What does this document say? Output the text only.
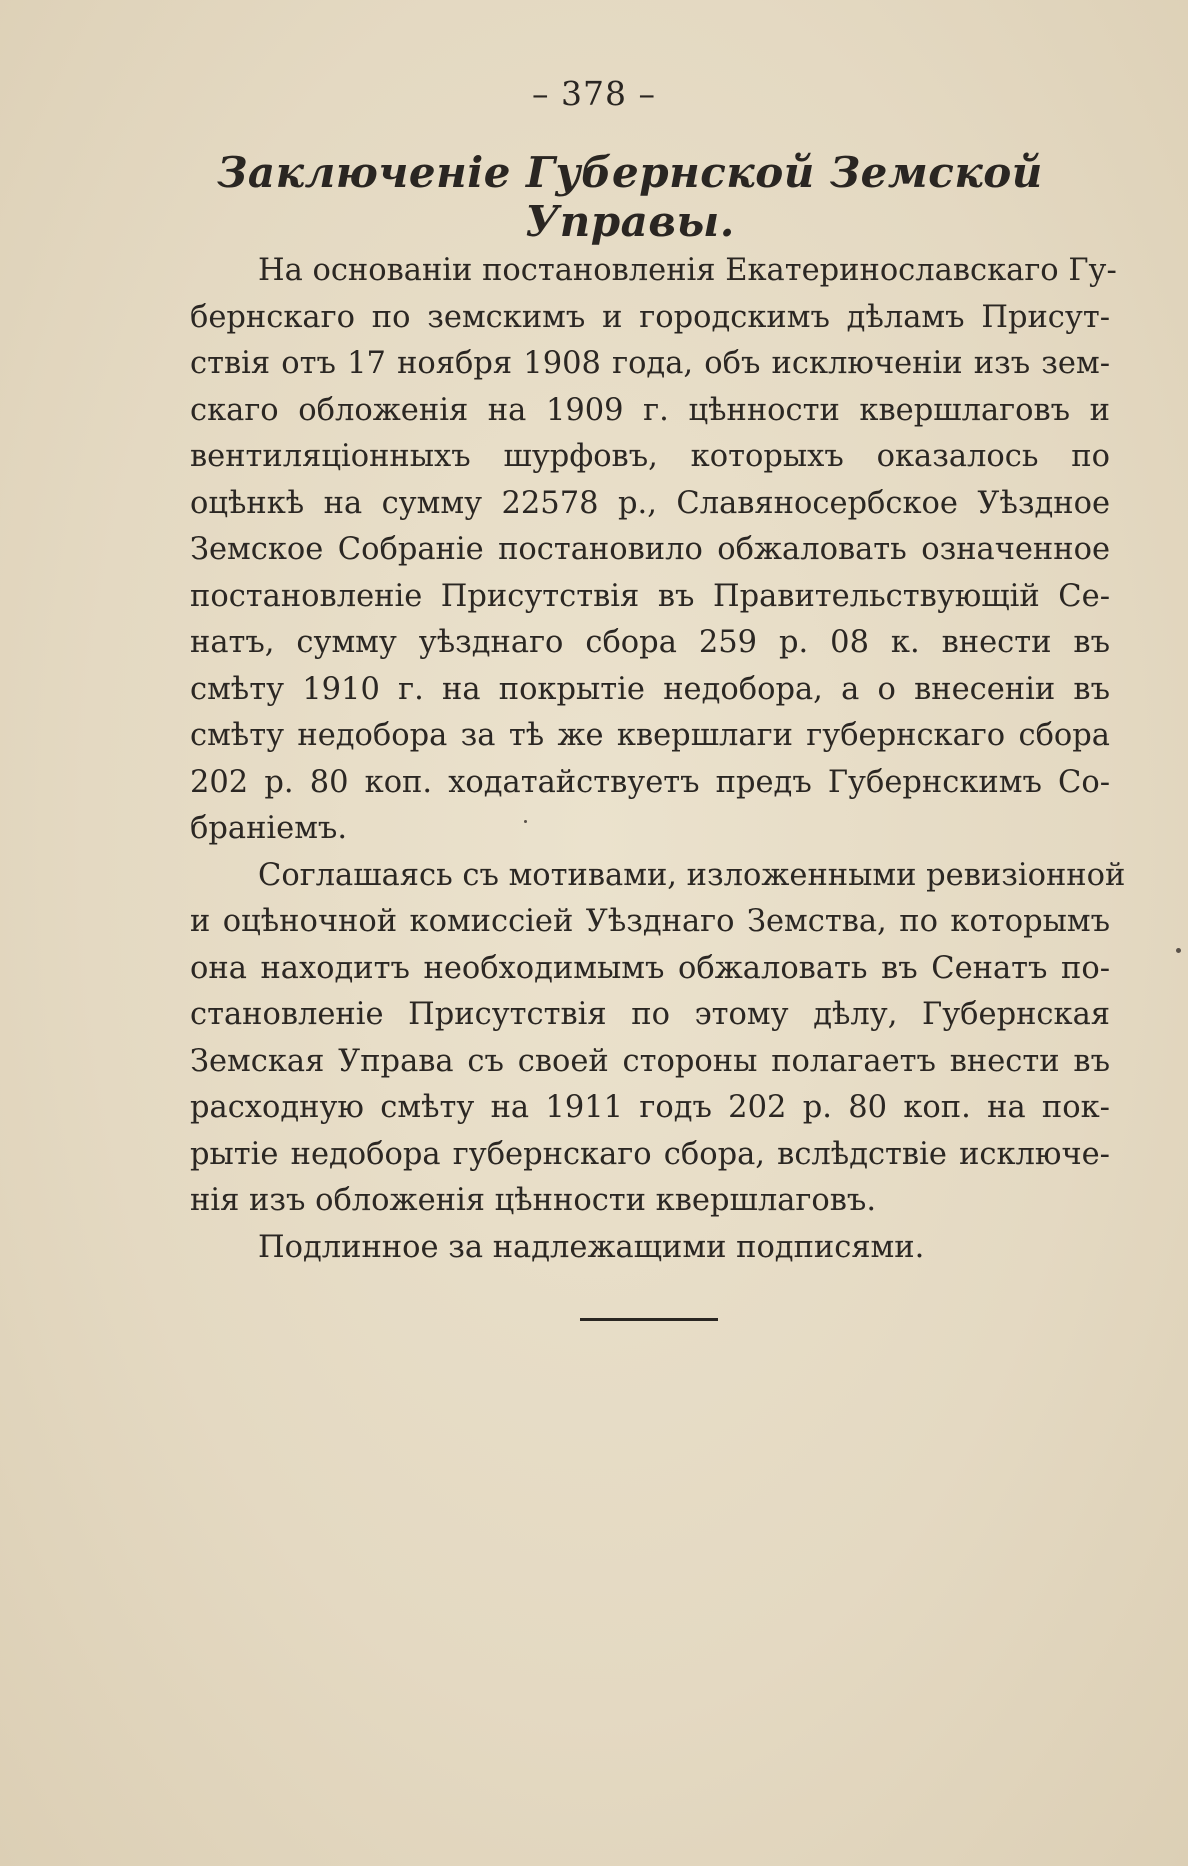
– 378 –
Заключеніе Губернской Земской Управы.
На основаніи постановленія Екатеринославскаго Гу-
бернскаго по земскимъ и городскимъ дѣламъ Присут-
ствія отъ 17 ноября 1908 года, объ исключеніи изъ зем-
скаго обложенія на 1909 г. цѣнности квершлаговъ и
вентиляціонныхъ шурфовъ, которыхъ оказалось по
оцѣнкѣ на сумму 22578 р., Славяносербское Уѣздное
Земское Собраніе постановило обжаловать означенное
постановленіе Присутствія въ Правительствующій Се-
натъ, сумму уѣзднаго сбора 259 р. 08 к. внести въ
смѣту 1910 г. на покрытіе недобора, а о внесеніи въ
смѣту недобора за тѣ же квершлаги губернскаго сбора
202 р. 80 коп. ходатайствуетъ предъ Губернскимъ Со-
браніемъ.
Соглашаясь съ мотивами, изложенными ревизіонной
и оцѣночной комиссіей Уѣзднаго Земства, по которымъ
она находитъ необходимымъ обжаловать въ Сенатъ по-
становленіе Присутствія по этому дѣлу, Губернская
Земская Управа съ своей стороны полагаетъ внести въ
расходную смѣту на 1911 годъ 202 р. 80 коп. на пок-
рытіе недобора губернскаго сбора, вслѣдствіе исключе-
нія изъ обложенія цѣнности квершлаговъ.
Подлинное за надлежащими подписями.
